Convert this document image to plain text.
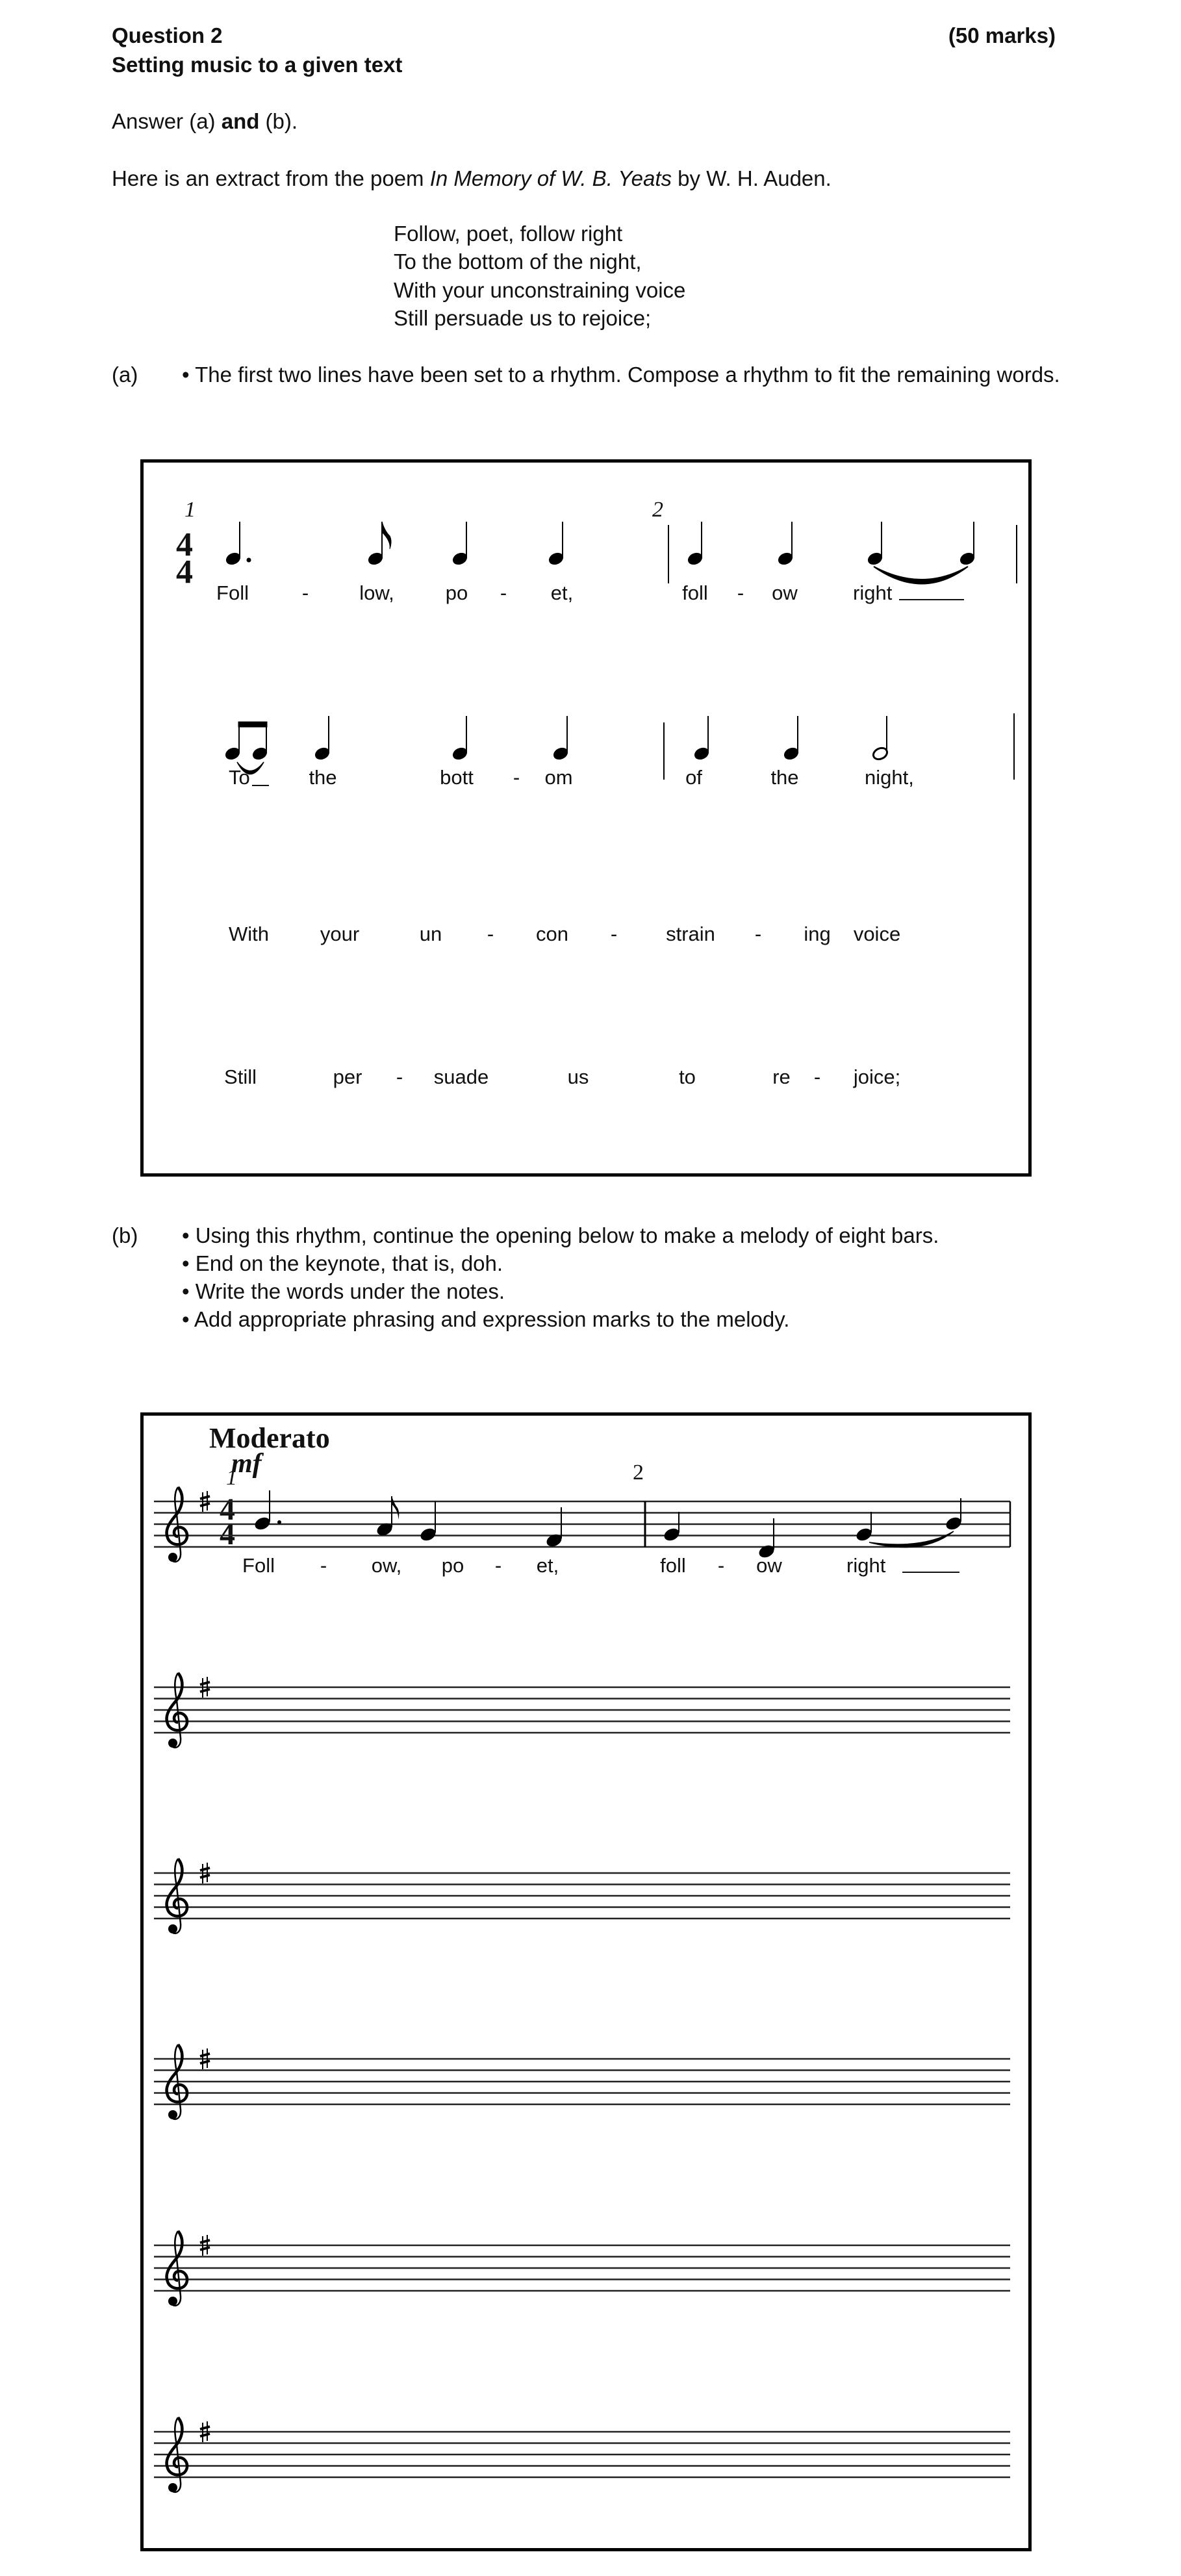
Question 2	(50 marks)
Setting music to a given text
Answer (a) and (b).
Here is an extract from the poem In Memory of W. B. Yeats by W. H. Auden.
Follow, poet, follow right
To the bottom of the night,
With your unconstraining voice
Still persuade us to rejoice;
(a) • The first two lines have been set to a rhythm. Compose a rhythm to fit the remaining words.
1
4
4
2
Foll	-	low,	po - et,	foll - ow	right
To	the	bott - om	of	the	night,
With	your	un - con - strain - ing voice
Still	per - suade	us	to	re - joice;
(b) • Using this rhythm, continue the opening below to make a melody of eight bars.
• End on the keynote, that is, doh.
• Write the words under the notes.
• Add appropriate phrasing and expression marks to the melody.
Moderato
mf
1	2
4
4
Foll - ow, po - et,	foll - ow	right
